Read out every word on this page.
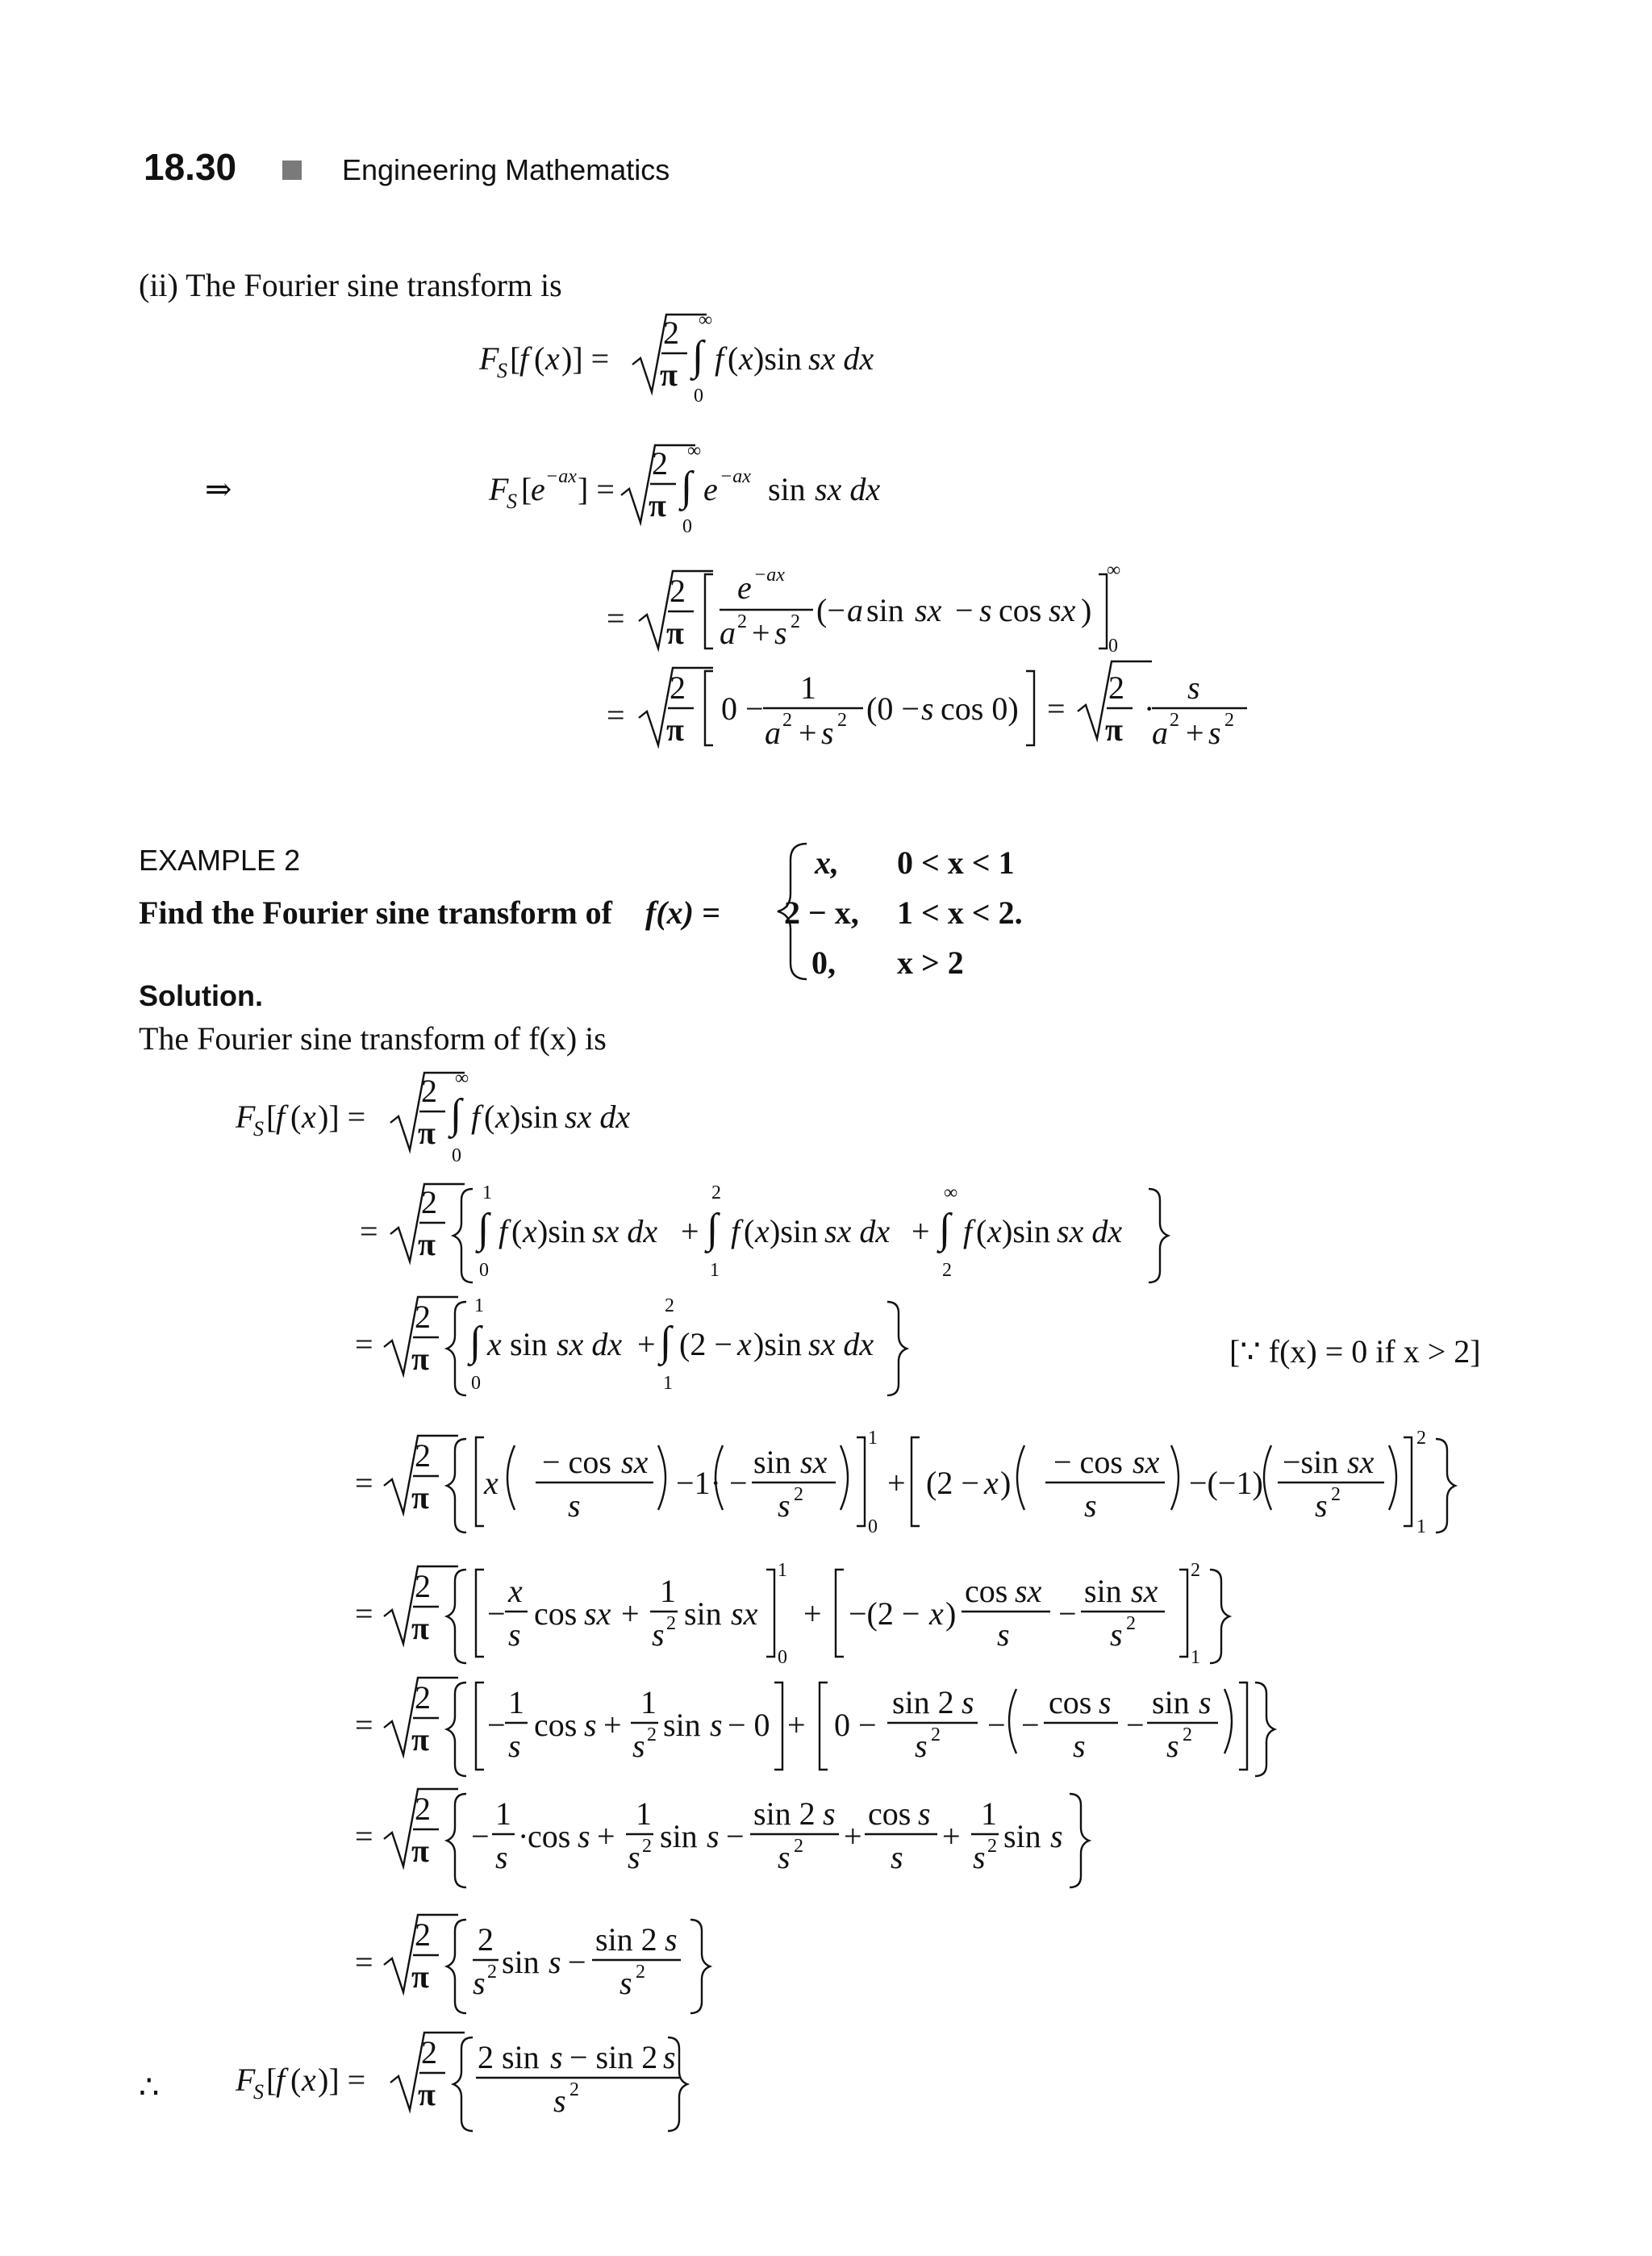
18.30	Engineering Mathematics
(ii) The Fourier sine transform is
EXAMPLE 2
Find the Fourier sine transform of f(x) =
x, 0 < x < 1
2 − x, 1 < x < 2.
0, x > 2
Solution.
The Fourier sine transform of f(x) is
[∵ f(x) = 0 if x > 2]
∴
F
S [
f ( x )] =
2
π ∫
∞
0
f ( x )sin sx dx
⇒	F
S [
e −ax ] =
2
π ∫
∞
0
e −ax sin sx dx
=
2
π
e −ax
a 2 + s 2 (− a sin sx − s cos sx )
∞
0
=
2
π
0 −
1
a 2 + s 2 (0 − s cos 0) =
2
π
·
s
a 2 + s 2
F
S [
f ( x )] =
2
π ∫
∞
0
f ( x )sin sx dx
=
2
π ∫
1
0
f ( x )sin sx dx + ∫
2
1
f ( x )sin sx dx + ∫
∞
2
f ( x )sin sx dx
=
2
π ∫
1
0
x sin sx dx + ∫
2
1
(2 − x )sin sx dx
=
2
π x
− cos sx
s
−1· −
sin sx
s 2
1
0
+ (2 − x )
− cos sx
s
−(−1)
−sin sx
s 2
2
1
=
2
π −
x
s
cos sx +
1
s 2 sin sx
1
0
+ −(2 − x )
cos sx
s
−
sin sx
s 2
2
1
=
2
π −
1
s
cos s +
1
s 2 sin s − 0 + 0 −
sin 2 s
s 2 − −
cos s
s
−
sin s
s 2
=
2
π −
1
s
·
cos s +
1
s 2 sin s −
sin 2 s
s 2 +
cos s
s
+
1
s 2 sin s
=
2
π
2
s 2 sin s −
sin 2 s
s 2
F
S [
f ( x )] =
2
π
2 sin s − sin 2 s
s 2
